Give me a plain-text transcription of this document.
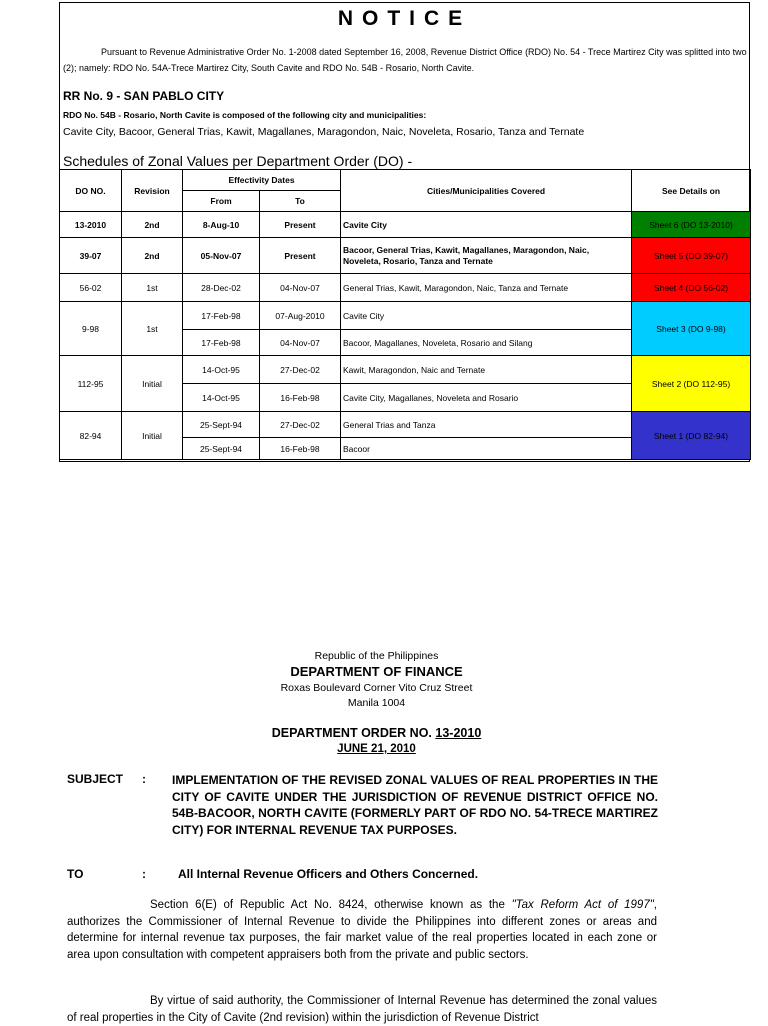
NOTICE
Pursuant to Revenue Administrative Order No. 1-2008 dated September 16, 2008, Revenue District Office (RDO) No. 54 - Trece Martirez City was splitted into two (2); namely: RDO No. 54A-Trece Martirez City, South Cavite and RDO No. 54B - Rosario, North Cavite.
RR No. 9 - SAN PABLO CITY
RDO No. 54B - Rosario, North Cavite is composed of the following city and municipalities:
Cavite City, Bacoor, General Trias, Kawit, Magallanes, Maragondon, Naic, Noveleta, Rosario, Tanza and Ternate
Schedules of Zonal Values per Department Order (DO) -
DO NO.	Revision	Effectivity Dates		Cities/Municipalities Covered	See Details on
		From	To		
13-2010	2nd	8-Aug-10	Present	Cavite City	Sheet 6 (DO 13-2010)
39-07	2nd	05-Nov-07	Present	Bacoor, General Trias, Kawit, Magallanes, Maragondon, Naic, Noveleta, Rosario, Tanza and Ternate	Sheet 5 (DO 39-07)
56-02	1st	28-Dec-02	04-Nov-07	General Trias, Kawit, Maragondon, Naic, Tanza and Ternate	Sheet 4 (DO 56-02)
9-98	1st	17-Feb-98	07-Aug-2010	Cavite City	Sheet 3 (DO 9-98)
		17-Feb-98	04-Nov-07	Bacoor, Magallanes, Noveleta, Rosario and Silang	
112-95	Initial	14-Oct-95	27-Dec-02	Kawit, Maragondon, Naic and Ternate	Sheet 2 (DO 112-95)
		14-Oct-95	16-Feb-98	Cavite City, Magallanes, Noveleta and Rosario	
82-94	Initial	25-Sept-94	27-Dec-02	General Trias and Tanza	Sheet 1 (DO 82-94)
		25-Sept-94	16-Feb-98	Bacoor	
Republic of the Philippines
DEPARTMENT OF FINANCE
Roxas Boulevard Corner Vito Cruz Street
Manila 1004
DEPARTMENT ORDER NO. 13-2010
JUNE 21, 2010
SUBJECT : IMPLEMENTATION OF THE REVISED ZONAL VALUES OF REAL PROPERTIES IN THE CITY OF CAVITE UNDER THE JURISDICTION OF REVENUE DISTRICT OFFICE NO. 54B-BACOOR, NORTH CAVITE (FORMERLY PART OF RDO NO. 54-TRECE MARTIREZ CITY) FOR INTERNAL REVENUE TAX PURPOSES.
TO	:	All Internal Revenue Officers and Others Concerned.
Section 6(E) of Republic Act No. 8424, otherwise known as the "Tax Reform Act of 1997", authorizes the Commissioner of Internal Revenue to divide the Philippines into different zones or areas and determine for internal revenue tax purposes, the fair market value of the real properties located in each zone or area upon consultation with competent appraisers both from the private and public sectors.
By virtue of said authority, the Commissioner of Internal Revenue has determined the zonal values of real properties in the City of Cavite (2nd revision) within the jurisdiction of Revenue District
